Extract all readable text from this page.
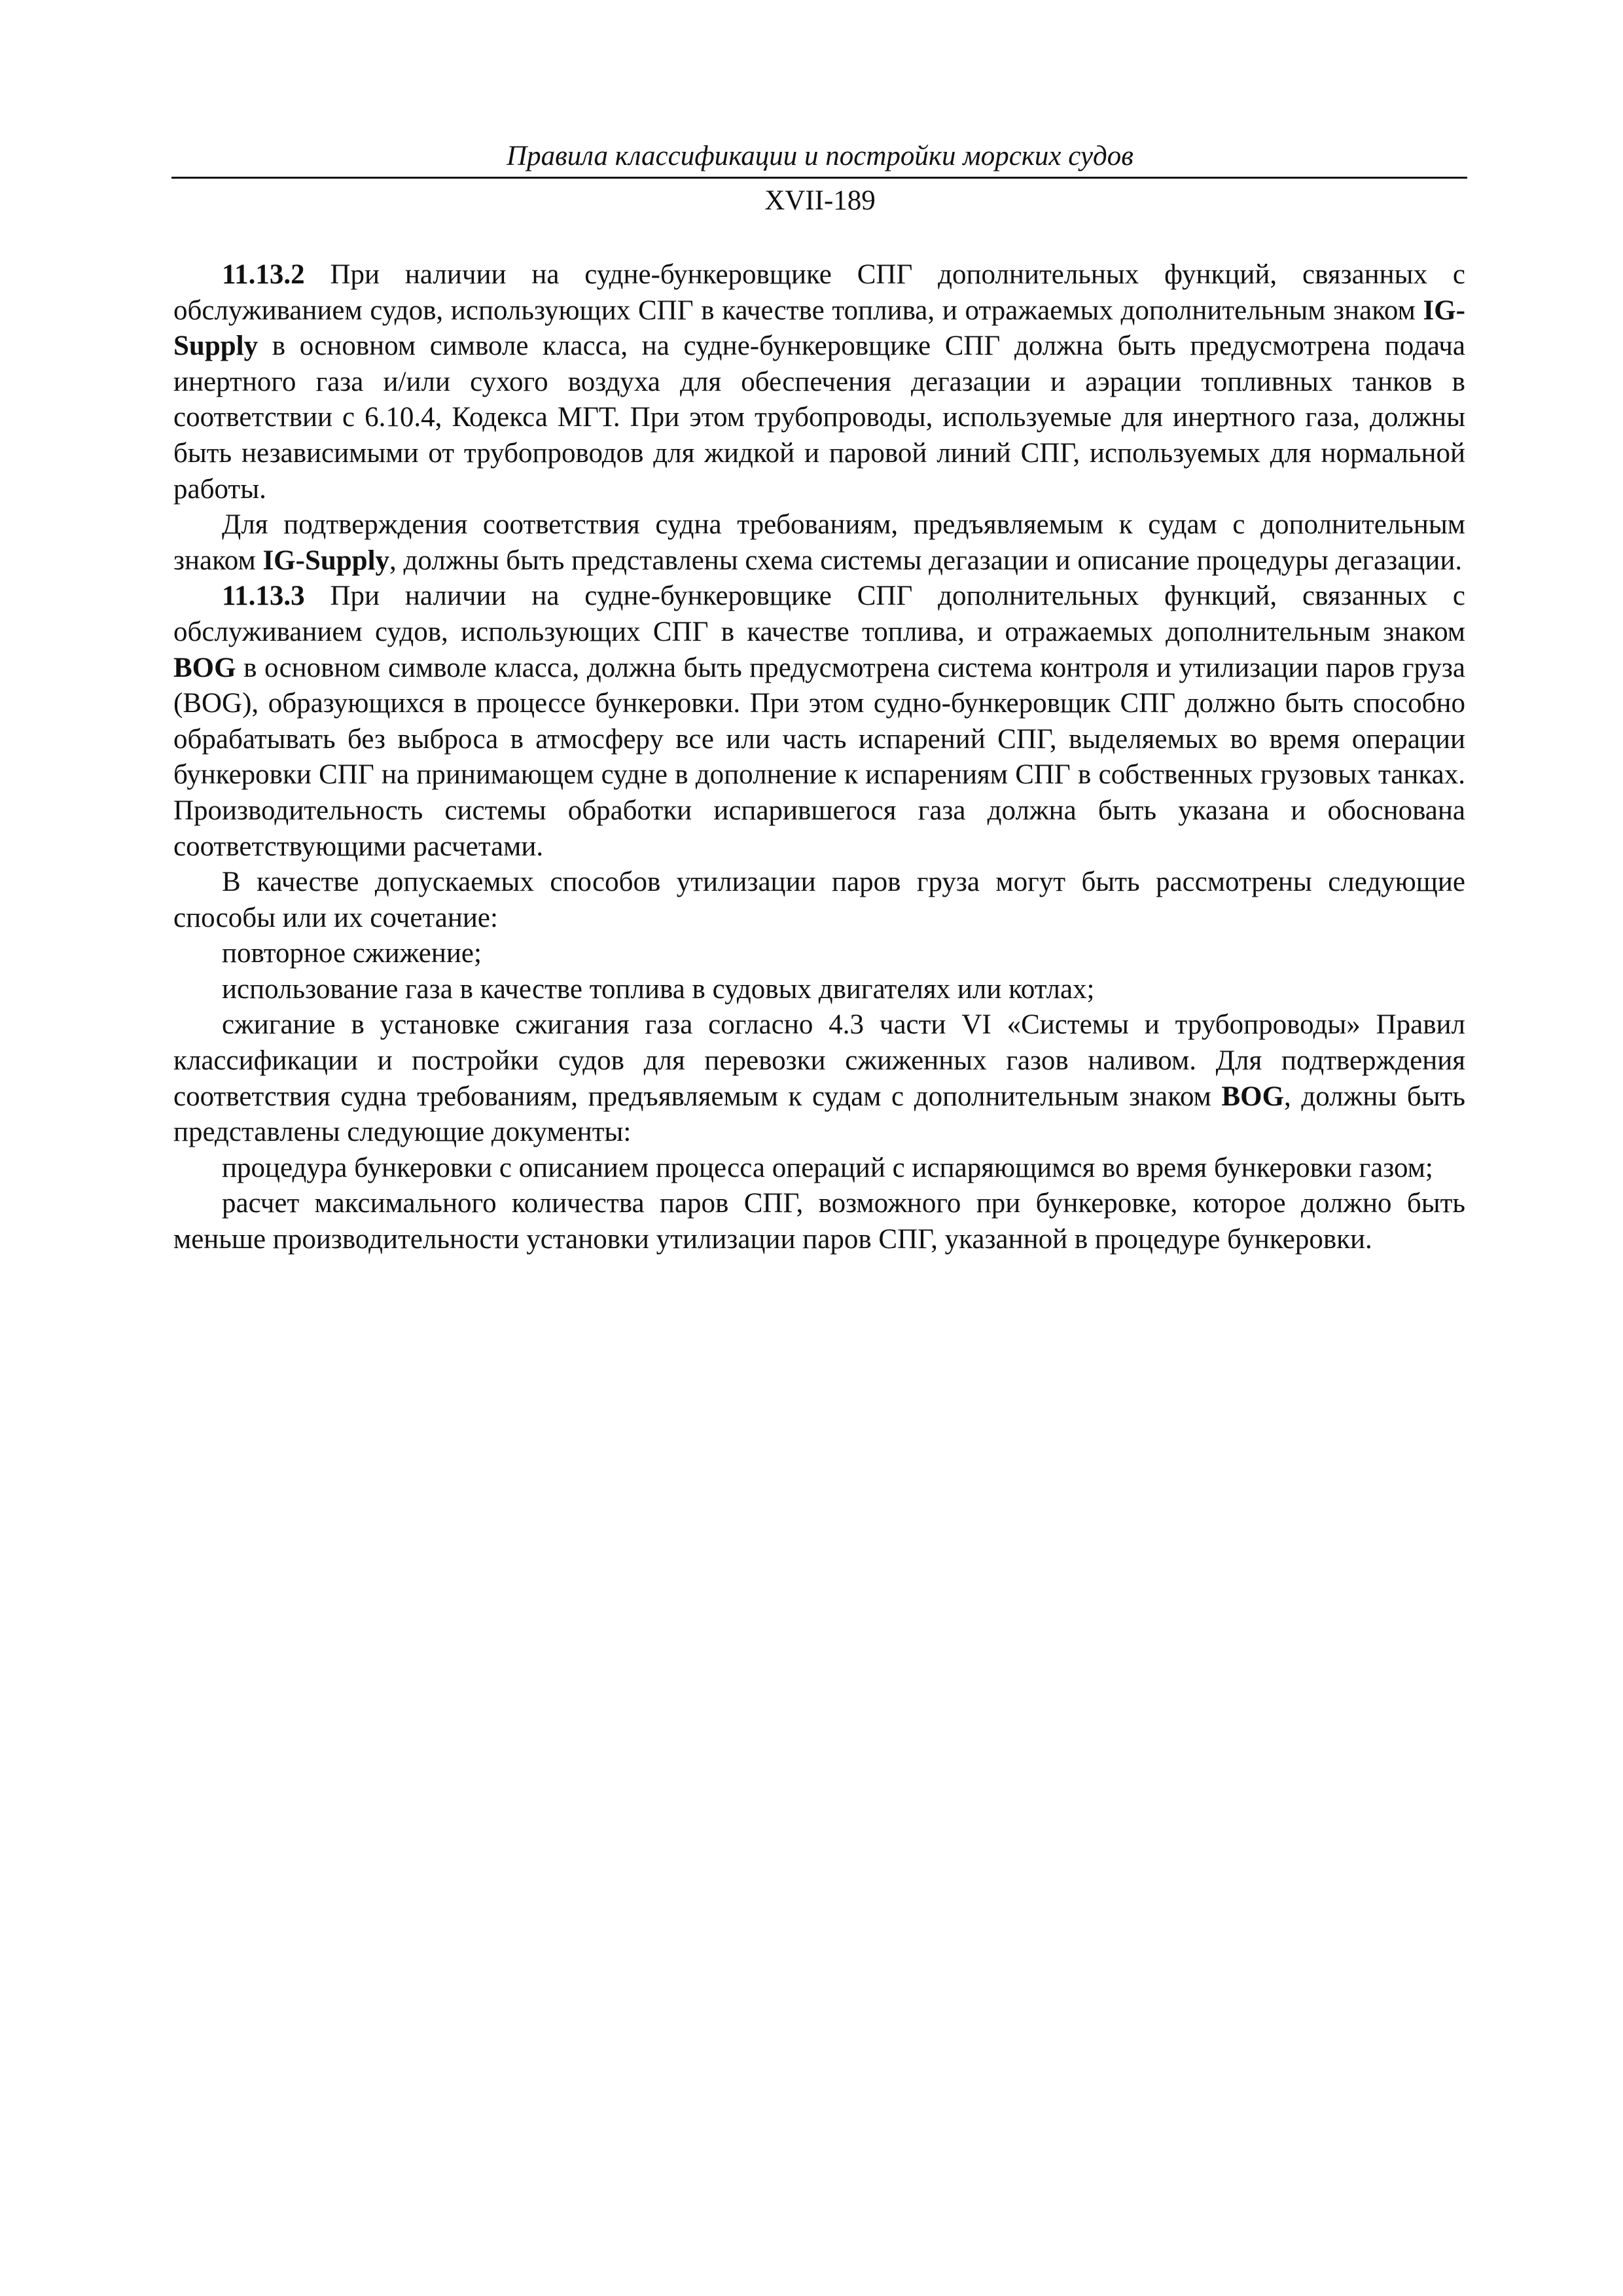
Правила классификации и постройки морских судов
XVII-189

11.13.2 При наличии на судне-бункеровщике СПГ дополнительных функций, связанных с обслуживанием судов, использующих СПГ в качестве топлива, и отражаемых дополнительным знаком IG-Supply в основном символе класса, на судне-бункеровщике СПГ должна быть предусмотрена подача инертного газа и/или сухого воздуха для обеспечения дегазации и аэрации топливных танков в соответствии с 6.10.4, Кодекса МГТ. При этом трубопроводы, используемые для инертного газа, должны быть независимыми от трубопроводов для жидкой и паровой линий СПГ, используемых для нормальной работы.

Для подтверждения соответствия судна требованиям, предъявляемым к судам с дополнительным знаком IG-Supply, должны быть представлены схема системы дегазации и описание процедуры дегазации.

11.13.3 При наличии на судне-бункеровщике СПГ дополнительных функций, связанных с обслуживанием судов, использующих СПГ в качестве топлива, и отражаемых дополнительным знаком BOG в основном символе класса, должна быть предусмотрена система контроля и утилизации паров груза (BOG), образующихся в процессе бункеровки. При этом судно-бункеровщик СПГ должно быть способно обрабатывать без выброса в атмосферу все или часть испарений СПГ, выделяемых во время операции бункеровки СПГ на принимающем судне в дополнение к испарениям СПГ в собственных грузовых танках. Производительность системы обработки испарившегося газа должна быть указана и обоснована соответствующими расчетами.

В качестве допускаемых способов утилизации паров груза могут быть рассмотрены следующие способы или их сочетание:

повторное сжижение;

использование газа в качестве топлива в судовых двигателях или котлах;

сжигание в установке сжигания газа согласно 4.3 части VI «Системы и трубопроводы» Правил классификации и постройки судов для перевозки сжиженных газов наливом. Для подтверждения соответствия судна требованиям, предъявляемым к судам с дополнительным знаком BOG, должны быть представлены следующие документы:

процедура бункеровки с описанием процесса операций с испаряющимся во время бункеровки газом;

расчет максимального количества паров СПГ, возможного при бункеровке, которое должно быть меньше производительности установки утилизации паров СПГ, указанной в процедуре бункеровки.
